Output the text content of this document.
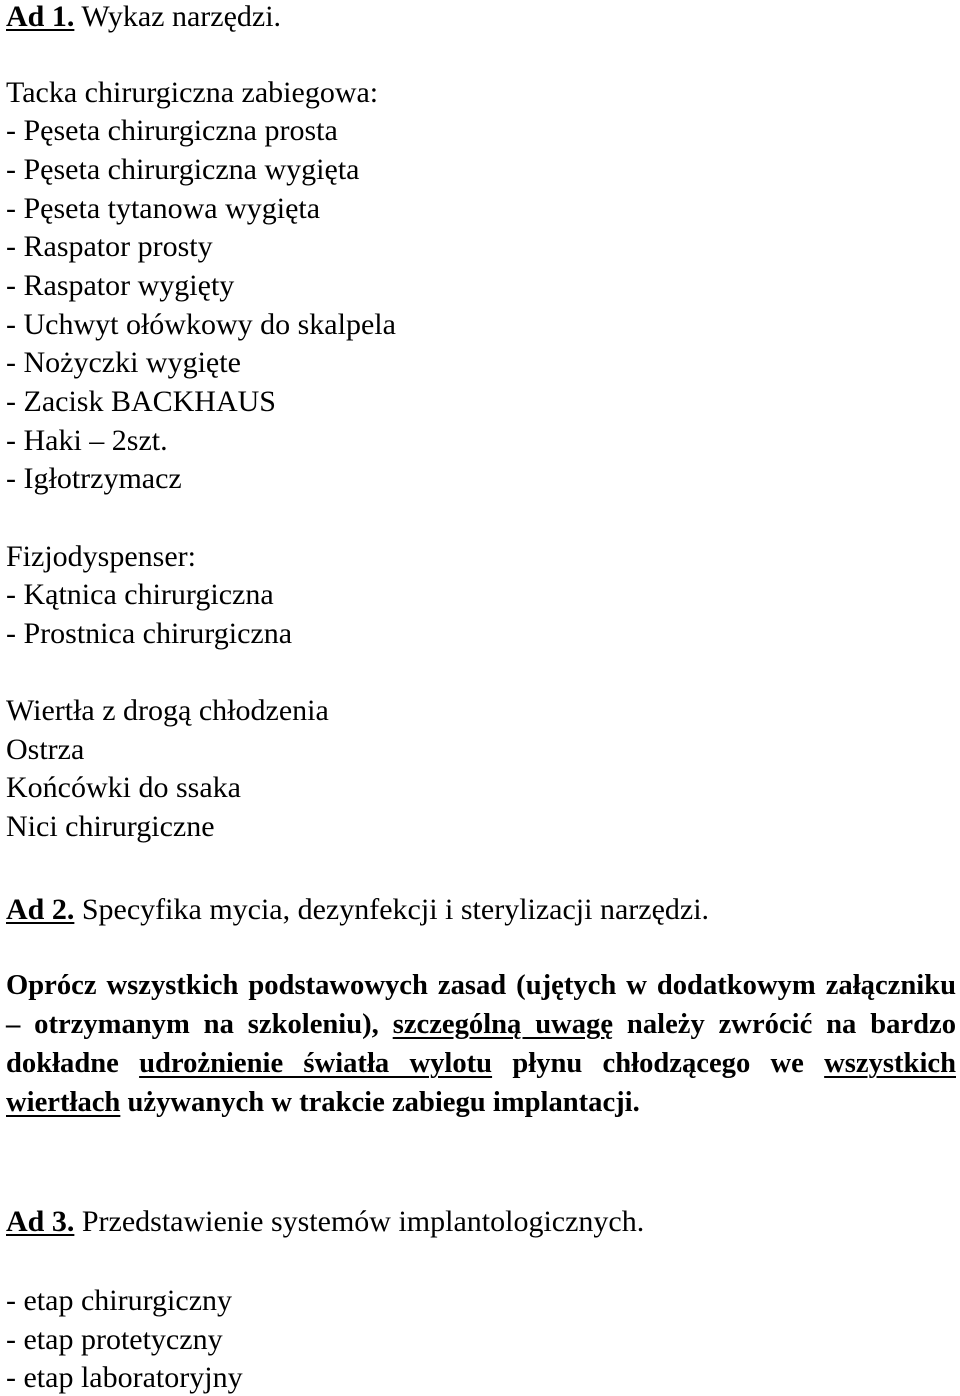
Ad 1. Wykaz narzędzi.
Tacka chirurgiczna zabiegowa:
- Pęseta chirurgiczna prosta
- Pęseta chirurgiczna wygięta
- Pęseta tytanowa wygięta
- Raspator prosty
- Raspator wygięty
- Uchwyt ołówkowy do skalpela
- Nożyczki wygięte
- Zacisk BACKHAUS
- Haki – 2szt.
- Igłotrzymacz
Fizjodyspenser:
- Kątnica chirurgiczna
- Prostnica chirurgiczna
Wiertła z drogą chłodzenia
Ostrza
Końcówki do ssaka
Nici chirurgiczne
Ad 2. Specyfika mycia, dezynfekcji i sterylizacji narzędzi.
Oprócz wszystkich podstawowych zasad (ujętych w dodatkowym załączniku – otrzymanym na szkoleniu), szczególną uwagę należy zwrócić na bardzo dokładne udrożnienie światła wylotu płynu chłodzącego we wszystkich wiertłach używanych w trakcie zabiegu implantacji.
Ad 3. Przedstawienie systemów implantologicznych.
- etap chirurgiczny
- etap protetyczny
- etap laboratoryjny
